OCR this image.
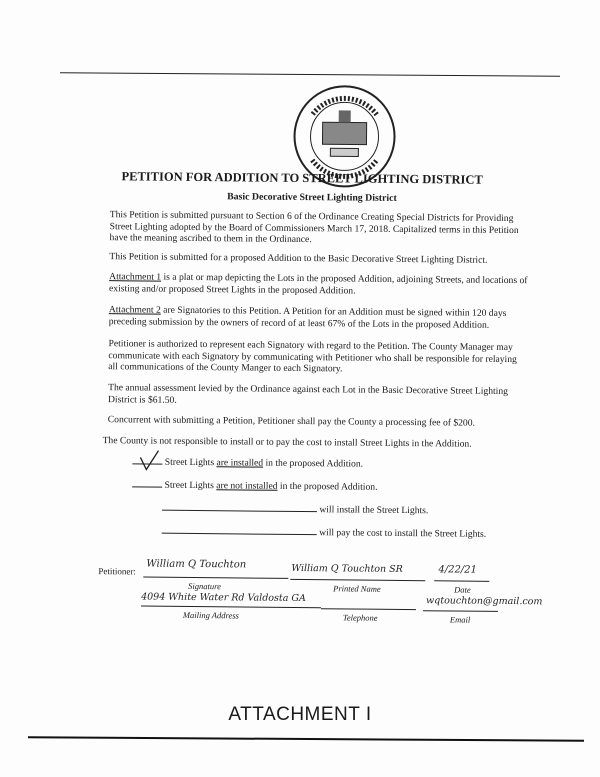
PETITION FOR ADDITION TO STREET LIGHTING DISTRICT
Basic Decorative Street Lighting District
This Petition is submitted pursuant to Section 6 of the Ordinance Creating Special Districts for Providing Street Lighting adopted by the Board of Commissioners March 17, 2018. Capitalized terms in this Petition have the meaning ascribed to them in the Ordinance.
This Petition is submitted for a proposed Addition to the Basic Decorative Street Lighting District.
Attachment 1 is a plat or map depicting the Lots in the proposed Addition, adjoining Streets, and locations of existing and/or proposed Street Lights in the proposed Addition.
Attachment 2 are Signatories to this Petition. A Petition for an Addition must be signed within 120 days preceding submission by the owners of record of at least 67% of the Lots in the proposed Addition.
Petitioner is authorized to represent each Signatory with regard to the Petition. The County Manager may communicate with each Signatory by communicating with Petitioner who shall be responsible for relaying all communications of the County Manger to each Signatory.
The annual assessment levied by the Ordinance against each Lot in the Basic Decorative Street Lighting District is $61.50.
Concurrent with submitting a Petition, Petitioner shall pay the County a processing fee of $200.
The County is not responsible to install or to pay the cost to install Street Lights in the Addition.
Street Lights are installed in the proposed Addition.
Street Lights are not installed in the proposed Addition.
will install the Street Lights.
will pay the cost to install the Street Lights.
Petitioner:
William Q Touchton
Signature
William Q Touchton SR
Printed Name
4/22/21
Date
4094 White Water Rd Valdosta GA
Mailing Address	Telephone
wqtouchton@gmail.com
Email
ATTACHMENT I
